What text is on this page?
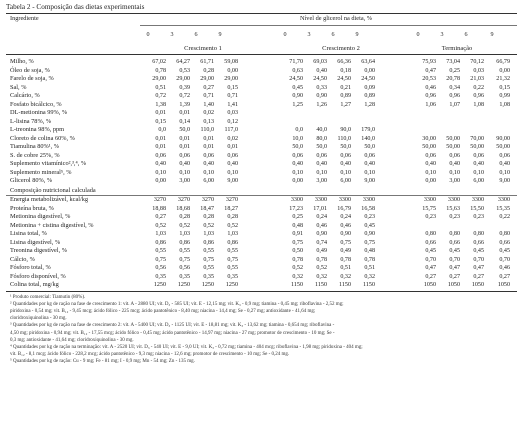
Tabela 2 - Composição das dietas experimentais
Ingrediente	Nível de glicerol na dieta, %
0	3	6	9	0	3	6	9	0	3	6	9
Crescimento 1	Crescimento 2	Terminação
Milho, %	67,02	64,27	61,71	59,08	71,70	69,03	66,36	63,64	75,93	73,04	70,12	66,79
Óleo de soja, %	0,78	0,53	0,28	0,00	0,63	0,40	0,18	0,00	0,47	0,25	0,03	0,00
Farelo de soja, %	29,00	29,00	29,00	29,00	24,50	24,50	24,50	24,50	20,53	20,78	21,03	21,32
Sal, %	0,51	0,39	0,27	0,15	0,45	0,33	0,21	0,09	0,46	0,34	0,22	0,15
Calcário, %	0,72	0,72	0,71	0,71	0,90	0,90	0,89	0,89	0,96	0,96	0,96	0,99
Fosfato bicálcico, %	1,38	1,39	1,40	1,41	1,25	1,26	1,27	1,28	1,06	1,07	1,08	1,08
DL-metionina 99%, %	0,01	0,01	0,02	0,03
L-lisina 78%, %	0,15	0,14	0,13	0,12
L-treonina 98%, ppm	0,0	50,0	110,0	117,0	0,0	40,0	90,0	179,0
Cloreto de colina 60%, %	0,01	0,01	0,01	0,02	10,0	80,0	110,0	140,0	30,00	50,00	70,00	90,00
Tiamulina 80%¹, %	0,01	0,01	0,01	0,01	50,0	50,0	50,0	50,0	50,00	50,00	50,00	50,00
S. de cobre 25%, %	0,06	0,06	0,06	0,06	0,06	0,06	0,06	0,06	0,06	0,06	0,06	0,06
Suplemento vitamínico²,³,⁴, %	0,40	0,40	0,40	0,40	0,40	0,40	0,40	0,40	0,40	0,40	0,40	0,40
Suplemento mineral⁵, %	0,10	0,10	0,10	0,10	0,10	0,10	0,10	0,10	0,10	0,10	0,10	0,10
Glicerol 80%, %	0,00	3,00	6,00	9,00	0,00	3,00	6,00	9,00	0,00	3,00	6,00	9,00
Composição nutricional calculada
Energia metabolizável, kcal/kg	3270	3270	3270	3270	3300	3300	3300	3300	3300	3300	3300	3300
Proteína bruta, %	18,88	18,68	18,47	18,27	17,23	17,01	16,79	16,58	15,75	15,63	15,50	15,35
Metionina digestível, %	0,27	0,28	0,28	0,28	0,25	0,24	0,24	0,23	0,23	0,23	0,23	0,22
Metionina + cistina digestível, %	0,52	0,52	0,52	0,52	0,48	0,46	0,46	0,45
Lisina total, %	1,03	1,03	1,03	1,03	0,91	0,90	0,90	0,90	0,80	0,80	0,80	0,80
Lisina digestível, %	0,86	0,86	0,86	0,86	0,75	0,74	0,75	0,75	0,66	0,66	0,66	0,66
Treonina digestível, %	0,55	0,55	0,55	0,55	0,50	0,49	0,49	0,48	0,45	0,45	0,45	0,45
Cálcio, %	0,75	0,75	0,75	0,75	0,78	0,78	0,78	0,78	0,70	0,70	0,70	0,70
Fósforo total, %	0,56	0,56	0,55	0,55	0,52	0,52	0,51	0,51	0,47	0,47	0,47	0,46
Fósforo disponível, %	0,35	0,35	0,35	0,35	0,32	0,32	0,32	0,32	0,27	0,27	0,27	0,27
Colina total, mg/kg	1250	1250	1250	1250	1150	1150	1150	1150	1050	1050	1050	1050
¹ Produto comercial: Tiamutin (80%).
² Quantidades por kg de ração na fase de crescimento 1: vit. A - 2880 UI; vit. D₃ - 585 UI; vit. E - 12,15 mg; vit. K₃ - 0,9 mg; tiamina - 0,45 mg; riboflavina - 2,52 mg;
piridoxina - 0,54 mg; vit. B₁₂ - 9,45 mcg; ácido fólico - 225 mcg; ácido pantotênico - 8,40 mg; niacina - 14,4 mg; Se - 0,27 mg; antioxidante - 41,64 mg;
cloridroxiquinolina - 30 mg.
³ Quantidades por kg de ração na fase de crescimento 2: vit. A - 5400 UI; vit. D₃ - 1125 UI; vit. E - 18,81 mg; vit. K₃ - 13,62 mg; tiamina - 0,654 mg; riboflavina -
4,50 mg; piridoxina - 0,94 mg; vit. B₁₂ - 17,55 mcg; ácido fólico - 0,45 mg; ácido pantotênico - 14,97 mg; niacina - 27 mg; promotor de crescimento - 10 mg; Se -
0,3 mg; antioxidante - 41,64 mg; cloridroxiquinolina - 30 mg.
⁴ Quantidades por kg de ração na terminação: vit. A - 2520 UI; vit. D₃ - 540 UI; vit. E - 9,0 UI; vit. K₃ - 0,72 mg; tiamina - 404 mcg; riboflavina - 1,98 mg; piridoxina - 404 mg;
vit. B₁₂ - 8,1 mcg; ácido fólico - 228,2 mcg; ácido pantotênico - 9,3 mg; niacina - 12,6 mg; promotor de crescimento - 10 mg; Se - 0,24 mg.
⁵ Quantidades por kg de ração: Cu - 9 mg; Fe - 81 mg; I - 0,9 mg; Mn - 54 mg; Zn - 135 mg.
